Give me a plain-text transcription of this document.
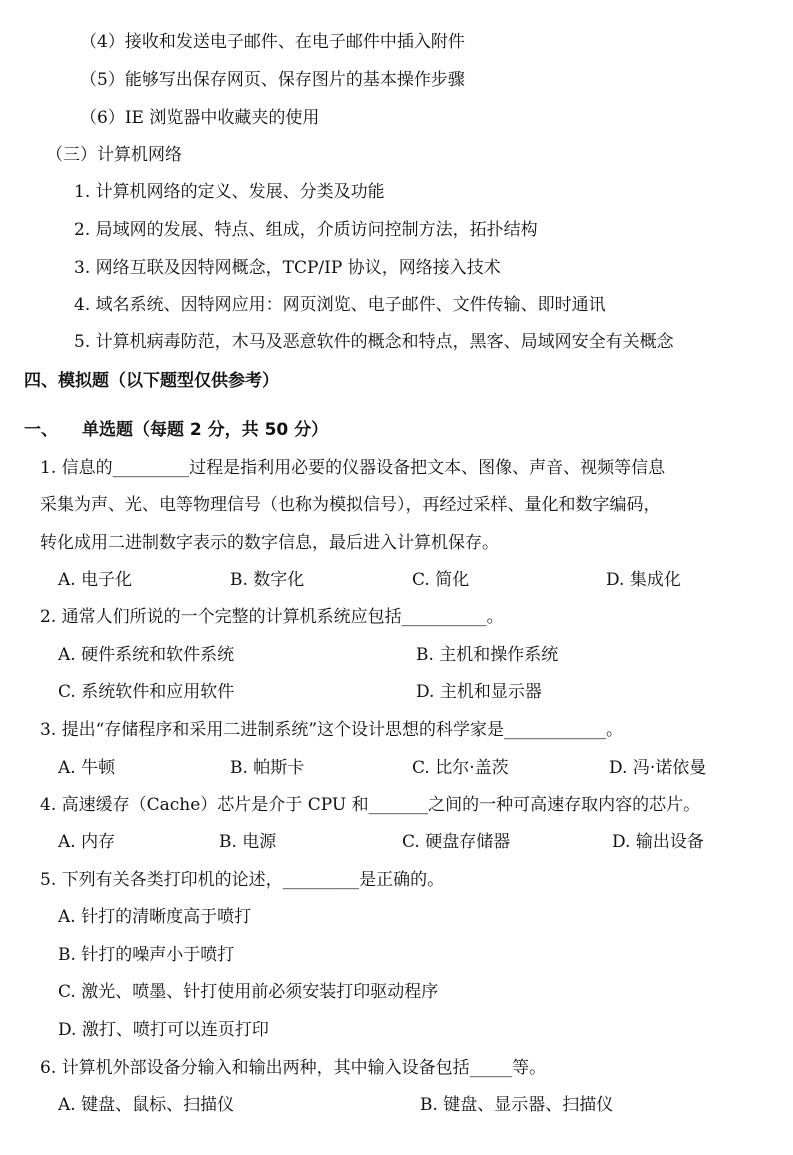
（4）接收和发送电子邮件、在电子邮件中插入附件
（5）能够写出保存网页、保存图片的基本操作步骤
（6）IE 浏览器中收藏夹的使用
（三）计算机网络
1. 计算机网络的定义、发展、分类及功能
2. 局域网的发展、特点、组成，介质访问控制方法，拓扑结构
3. 网络互联及因特网概念，TCP/IP 协议，网络接入技术
4. 域名系统、因特网应用：网页浏览、电子邮件、文件传输、即时通讯
5. 计算机病毒防范，木马及恶意软件的概念和特点，黑客、局域网安全有关概念
四、模拟题（以下题型仅供参考）
一、 单选题（每题 2 分，共 50 分）
1. 信息的_________过程是指利用必要的仪器设备把文本、图像、声音、视频等信息
采集为声、光、电等物理信号（也称为模拟信号），再经过采样、量化和数字编码，
转化成用二进制数字表示的数字信息，最后进入计算机保存。
A. 电子化	B. 数字化	C. 简化	D. 集成化
2. 通常人们所说的一个完整的计算机系统应包括__________。
A. 硬件系统和软件系统	B. 主机和操作系统
C. 系统软件和应用软件	D. 主机和显示器
3. 提出“存储程序和采用二进制系统”这个设计思想的科学家是____________。
A. 牛顿	B. 帕斯卡	C. 比尔·盖茨	D. 冯·诺依曼
4. 高速缓存（Cache）芯片是介于 CPU 和_______之间的一种可高速存取内容的芯片。
A. 内存	B. 电源	C. 硬盘存储器	D. 输出设备
5. 下列有关各类打印机的论述，_________是正确的。
A. 针打的清晰度高于喷打
B. 针打的噪声小于喷打
C. 激光、喷墨、针打使用前必须安装打印驱动程序
D. 激打、喷打可以连页打印
6. 计算机外部设备分输入和输出两种，其中输入设备包括_____等。
A. 键盘、鼠标、扫描仪	B. 键盘、显示器、扫描仪
